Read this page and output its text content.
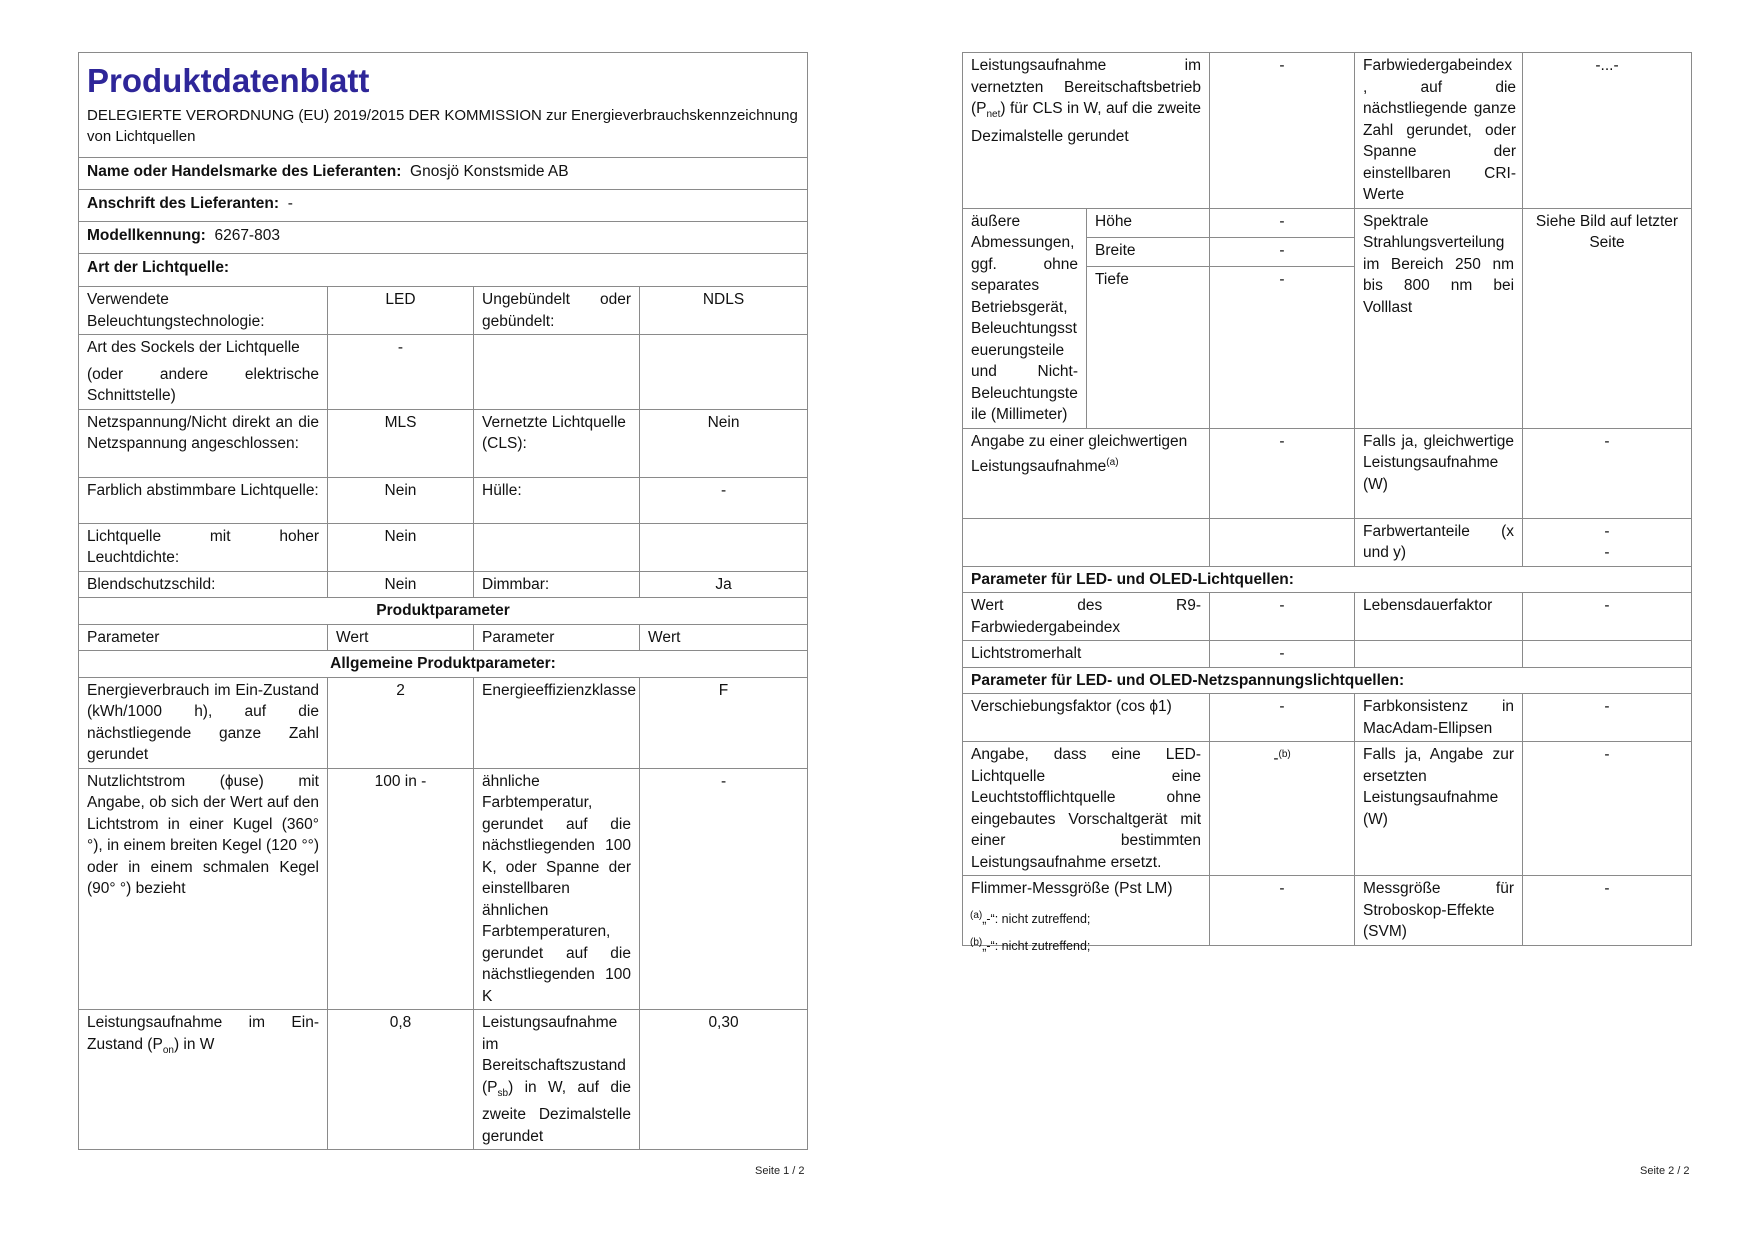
Produktdatenblatt
DELEGIERTE VERORDNUNG (EU) 2019/2015 DER KOMMISSION zur Energieverbrauchskennzeichnung von Lichtquellen			

Name oder Handelsmarke des Lieferanten: Gnosjö Konstsmide AB			
Anschrift des Lieferanten: -			
Modellkennung: 6267-803			
Art der Lichtquelle:			
Verwendete Beleuchtungstechnologie:	LED	Ungebündelt oder gebündelt:	NDLS

Art des Sockels der Lichtquelle
(oder andere elektrische Schnittstelle)	-		
Netzspannung/Nicht direkt an die Netzspannung angeschlossen:	MLS	Vernetzte Lichtquelle (CLS):	Nein
Farblich abstimmbare Lichtquelle:	Nein	Hülle:	-
Lichtquelle mit hoher Leuchtdichte:	Nein		
Blendschutzschild:	Nein	Dimmbar:	Ja
Produktparameter			
Parameter	Wert	Parameter	Wert
Allgemeine Produktparameter:			
Energieverbrauch im Ein-Zustand (kWh/1000 h), auf die nächstliegende ganze Zahl gerundet	2	Energieeffizienzklasse	F
Nutzlichtstrom (ϕuse) mit Angabe, ob sich der Wert auf den Lichtstrom in einer Kugel (360° °), in einem breiten Kegel (120 °°) oder in einem schmalen Kegel (90° °) bezieht	100 in -	ähnliche Farbtemperatur, gerundet auf die nächstliegenden 100 K, oder Spanne der einstellbaren ähnlichen Farbtemperaturen, gerundet auf die nächstliegenden 100 K	-
Leistungsaufnahme im Ein-Zustand $(P_{on})$ in W	0,8	Leistungsaufnahme im Bereitschaftszustand $(P_{sb})$ in W, auf die zweite Dezimalstelle gerundet	0,30
Seite 1 / 2
Leistungsaufnahme im vernetzten Bereitschaftsbetrieb $(P_{net})$ für CLS in W, auf die zweite Dezimalstelle gerundet		-	Farbwiedergabeindex, auf die nächstliegende ganze Zahl gerundet, oder Spanne der einstellbaren CRI-Werte	-...-
äußere Abmessungen, ggf. ohne separates Betriebsgerät, Beleuchtungssteuerungsteile und Nicht-Beleuchtungsteile (Millimeter)	Höhe	-	Spektrale Strahlungsverteilung im Bereich 250 nm bis 800 nm bei Volllast	Siehe Bild auf letzter Seite
	Breite	-		
	Tiefe	-		
Angabe zu einer gleichwertigen Leistungsaufnahme$^{(a)}$		-	Falls ja, gleichwertige Leistungsaufnahme (W)	-
			Farbwertanteile (x und y)	-
-

Parameter für LED- und OLED-Lichtquellen:				
Wert des R9-Farbwiedergabeindex		-	Lebensdauerfaktor	-
Lichtstromerhalt		-		
Parameter für LED- und OLED-Netzspannungslichtquellen:				
Verschiebungsfaktor (cos ϕ1)		-	Farbkonsistenz in MacAdam-Ellipsen	-
Angabe, dass eine LED-Lichtquelle eine Leuchtstofflichtquelle ohne eingebautes Vorschaltgerät mit einer bestimmten Leistungsaufnahme ersetzt.		-$^{(b)}$	Falls ja, Angabe zur ersetzten Leistungsaufnahme (W)	-
Flimmer-Messgröße (Pst LM)		-	Messgröße für Stroboskop-Effekte (SVM)	-
$^{(a)}$„-“: nicht zutreffend;
$^{(b)}$„-“: nicht zutreffend;
Seite 2 / 2
